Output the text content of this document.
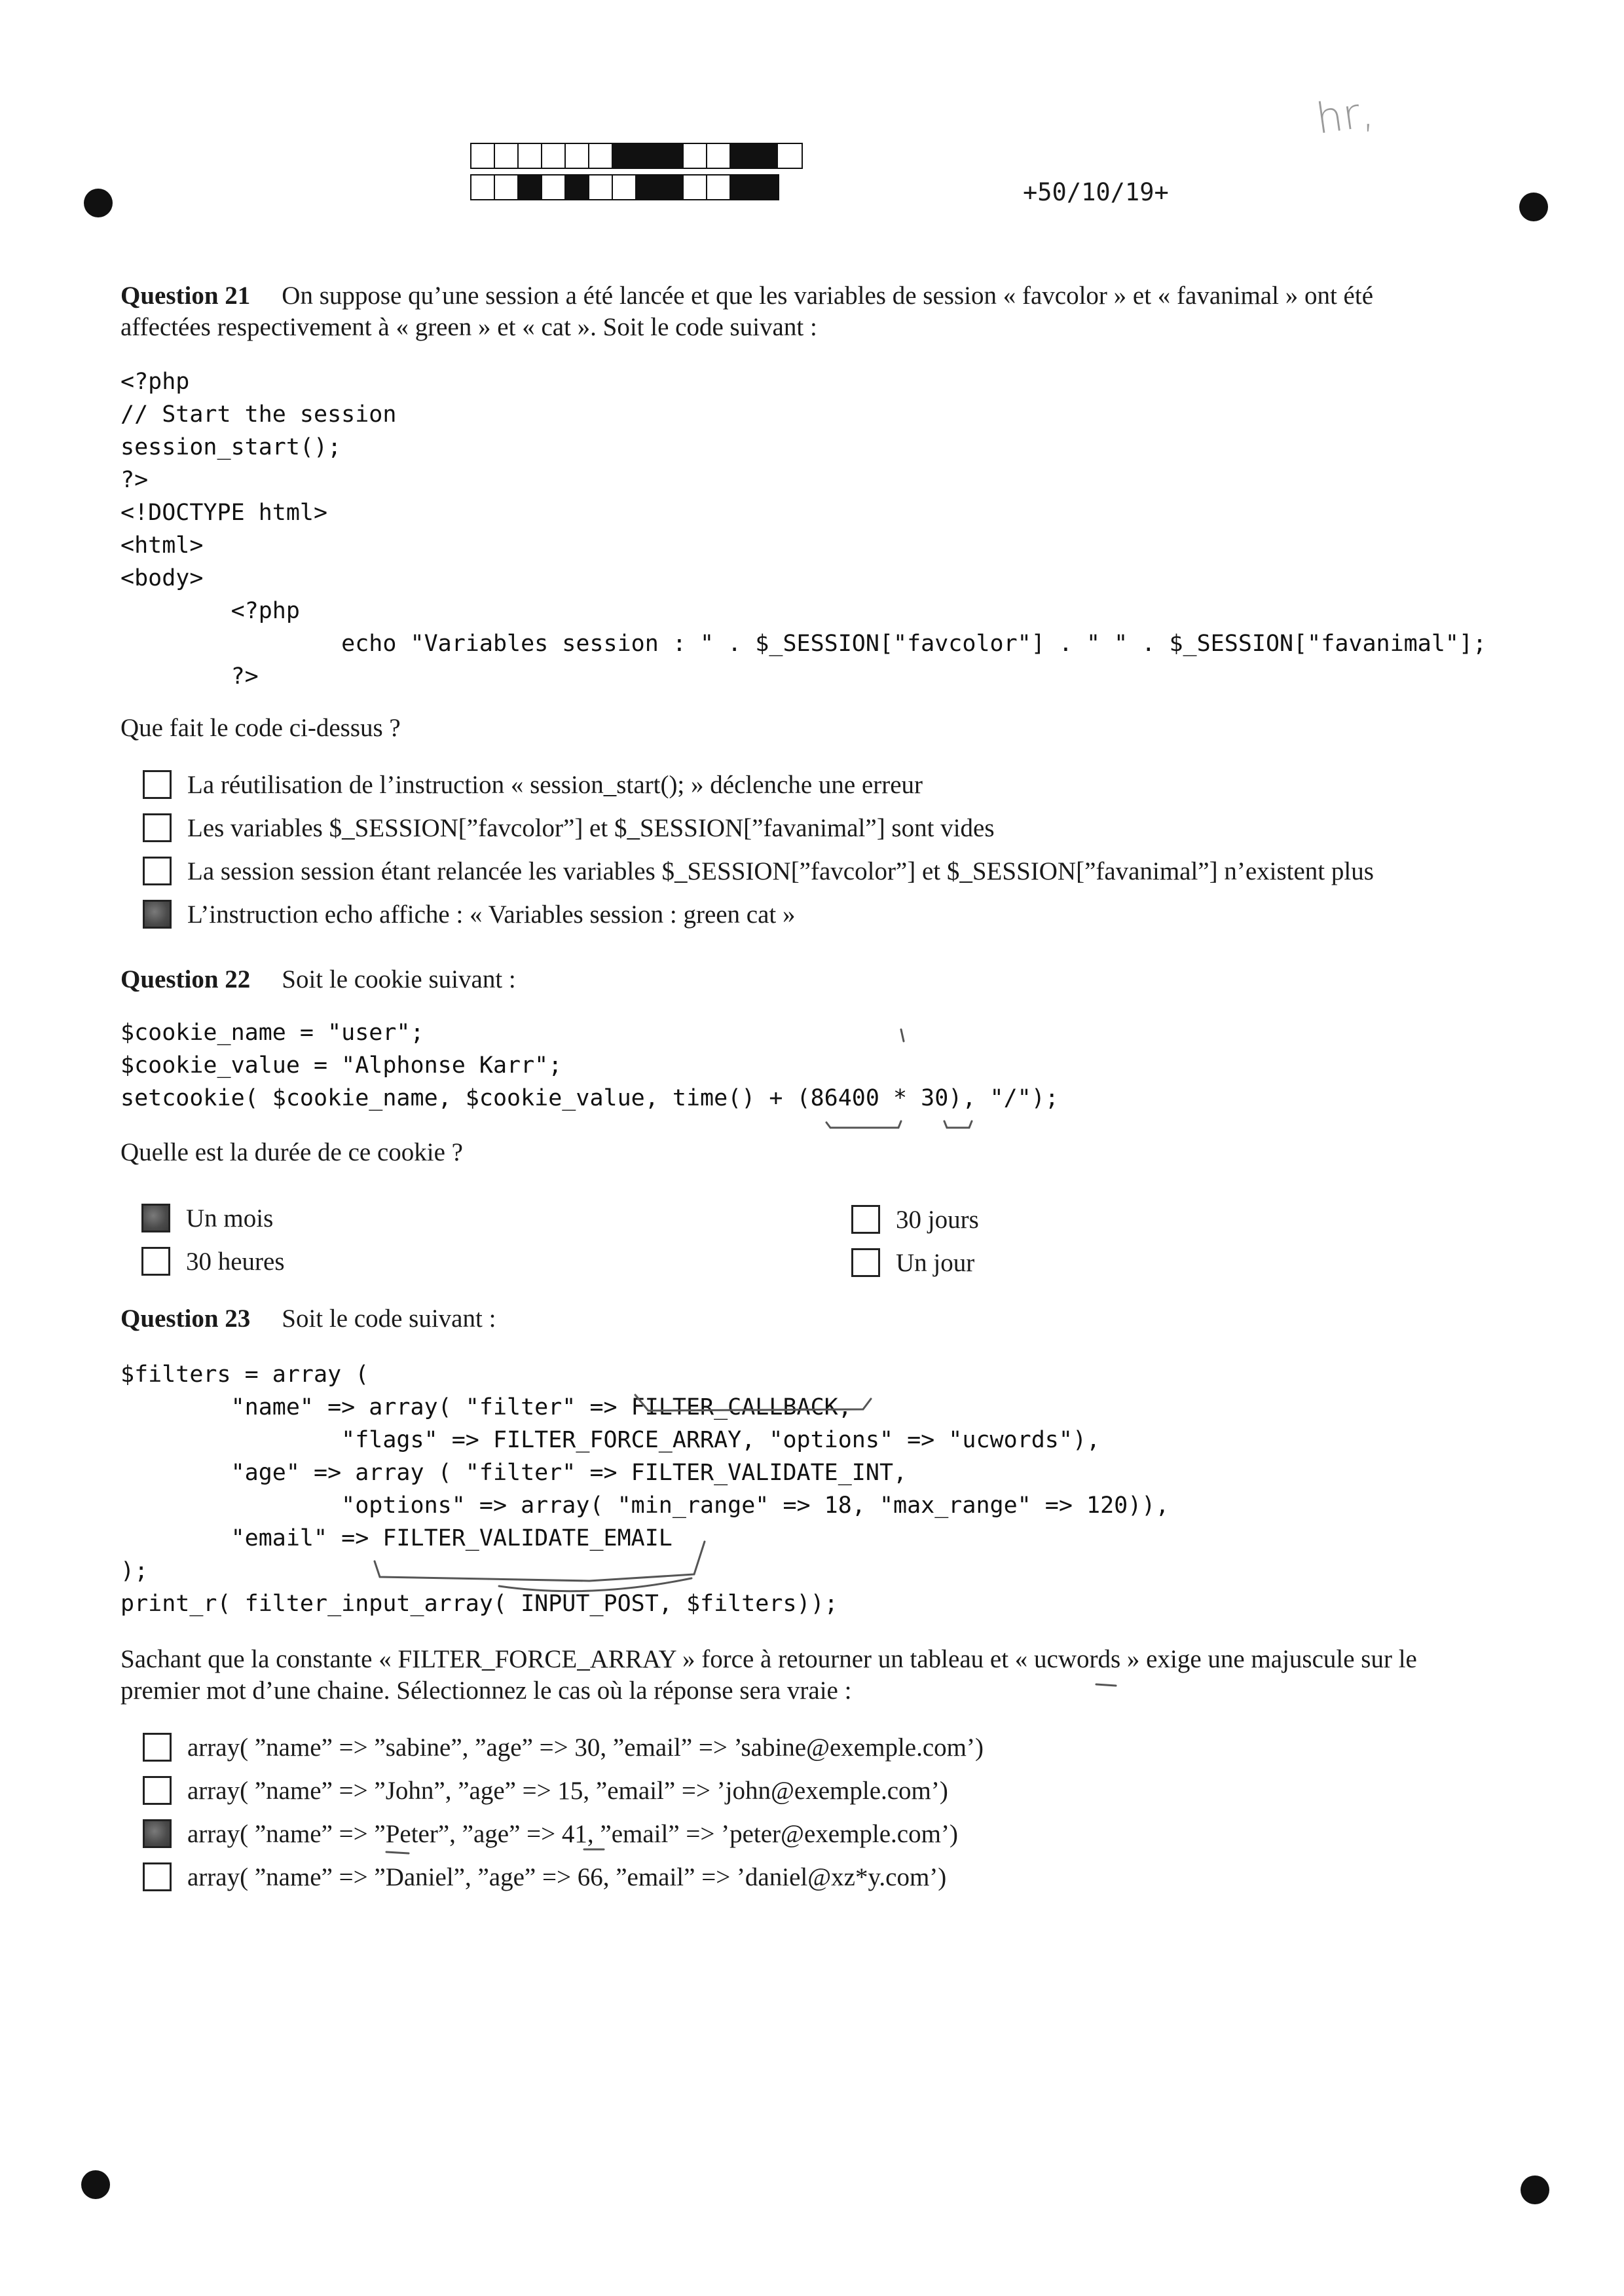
+50/10/19+
hr,
Question 21 On suppose qu’une session a été lancée et que les variables de session « favcolor » et « favanimal » ont été
affectées respectivement à « green » et « cat ». Soit le code suivant :
<?php
// Start the session
session_start();
?>
<!DOCTYPE html>
<html>
<body>
<?php
echo "Variables session : " . $_SESSION["favcolor"] . " " . $_SESSION["favanimal"];
?>
Que fait le code ci-dessus ?
La réutilisation de l’instruction « session_start(); » déclenche une erreur
Les variables $_SESSION[”favcolor”] et $_SESSION[”favanimal”] sont vides
La session session étant relancée les variables $_SESSION[”favcolor”] et $_SESSION[”favanimal”] n’existent plus
L’instruction echo affiche : « Variables session : green cat »
Question 22 Soit le cookie suivant :
$cookie_name = "user";
$cookie_value = "Alphonse Karr";
setcookie( $cookie_name, $cookie_value, time() + (86400 * 30), "/");
Quelle est la durée de ce cookie ?
Un mois	30 jours
30 heures	Un jour
Question 23 Soit le code suivant :
$filters = array (
"name" => array( "filter" => FILTER_CALLBACK,
"flags" => FILTER_FORCE_ARRAY, "options" => "ucwords"),
"age" => array ( "filter" => FILTER_VALIDATE_INT,
"options" => array( "min_range" => 18, "max_range" => 120)),
"email" => FILTER_VALIDATE_EMAIL
);
print_r( filter_input_array( INPUT_POST, $filters));
Sachant que la constante « FILTER_FORCE_ARRAY » force à retourner un tableau et « ucwords » exige une majuscule sur le
premier mot d’une chaine. Sélectionnez le cas où la réponse sera vraie :
array( ”name” => ”sabine”, ”age” => 30, ”email” => ’sabine@exemple.com’)
array( ”name” => ”John”, ”age” => 15, ”email” => ’john@exemple.com’)
array( ”name” => ”Peter”, ”age” => 41, ”email” => ’peter@exemple.com’)
array( ”name” => ”Daniel”, ”age” => 66, ”email” => ’daniel@xz*y.com’)
